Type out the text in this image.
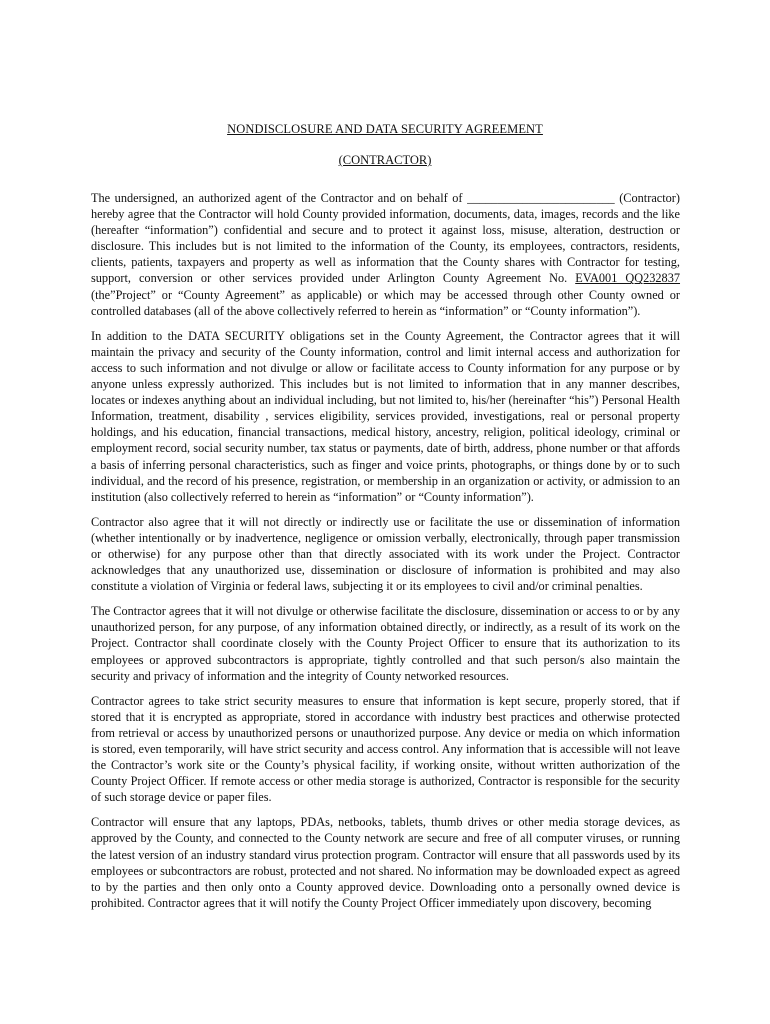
NONDISCLOSURE AND DATA SECURITY AGREEMENT
(CONTRACTOR)

The undersigned, an authorized agent of the Contractor and on behalf of ________________________ (Contractor) hereby agree that the Contractor will hold County provided information, documents, data, images, records and the like (hereafter “information”) confidential and secure and to protect it against loss, misuse, alteration, destruction or disclosure. This includes but is not limited to the information of the County, its employees, contractors, residents, clients, patients, taxpayers and property as well as information that the County shares with Contractor for testing, support, conversion or other services provided under Arlington County Agreement No. EVA001 QQ232837 (the”Project” or “County Agreement” as applicable) or which may be accessed through other County owned or controlled databases (all of the above collectively referred to herein as “information” or “County information”).

In addition to the DATA SECURITY obligations set in the County Agreement, the Contractor agrees that it will maintain the privacy and security of the County information, control and limit internal access and authorization for access to such information and not divulge or allow or facilitate access to County information for any purpose or by anyone unless expressly authorized. This includes but is not limited to information that in any manner describes, locates or indexes anything about an individual including, but not limited to, his/her (hereinafter “his”) Personal Health Information, treatment, disability , services eligibility, services provided, investigations, real or personal property holdings, and his education, financial transactions, medical history, ancestry, religion, political ideology, criminal or employment record, social security number, tax status or payments, date of birth, address, phone number or that affords a basis of inferring personal characteristics, such as finger and voice prints, photographs, or things done by or to such individual, and the record of his presence, registration, or membership in an organization or activity, or admission to an institution (also collectively referred to herein as “information” or “County information”).

Contractor also agree that it will not directly or indirectly use or facilitate the use or dissemination of information (whether intentionally or by inadvertence, negligence or omission verbally, electronically, through paper transmission or otherwise) for any purpose other than that directly associated with its work under the Project. Contractor acknowledges that any unauthorized use, dissemination or disclosure of information is prohibited and may also constitute a violation of Virginia or federal laws, subjecting it or its employees to civil and/or criminal penalties.

The Contractor agrees that it will not divulge or otherwise facilitate the disclosure, dissemination or access to or by any unauthorized person, for any purpose, of any information obtained directly, or indirectly, as a result of its work on the Project. Contractor shall coordinate closely with the County Project Officer to ensure that its authorization to its employees or approved subcontractors is appropriate, tightly controlled and that such person/s also maintain the security and privacy of information and the integrity of County networked resources.

Contractor agrees to take strict security measures to ensure that information is kept secure, properly stored, that if stored that it is encrypted as appropriate, stored in accordance with industry best practices and otherwise protected from retrieval or access by unauthorized persons or unauthorized purpose. Any device or media on which information is stored, even temporarily, will have strict security and access control. Any information that is accessible will not leave the Contractor’s work site or the County’s physical facility, if working onsite, without written authorization of the County Project Officer. If remote access or other media storage is authorized, Contractor is responsible for the security of such storage device or paper files.

Contractor will ensure that any laptops, PDAs, netbooks, tablets, thumb drives or other media storage devices, as approved by the County, and connected to the County network are secure and free of all computer viruses, or running the latest version of an industry standard virus protection program. Contractor will ensure that all passwords used by its employees or subcontractors are robust, protected and not shared. No information may be downloaded expect as agreed to by the parties and then only onto a County approved device. Downloading onto a personally owned device is prohibited. Contractor agrees that it will notify the County Project Officer immediately upon discovery, becoming
